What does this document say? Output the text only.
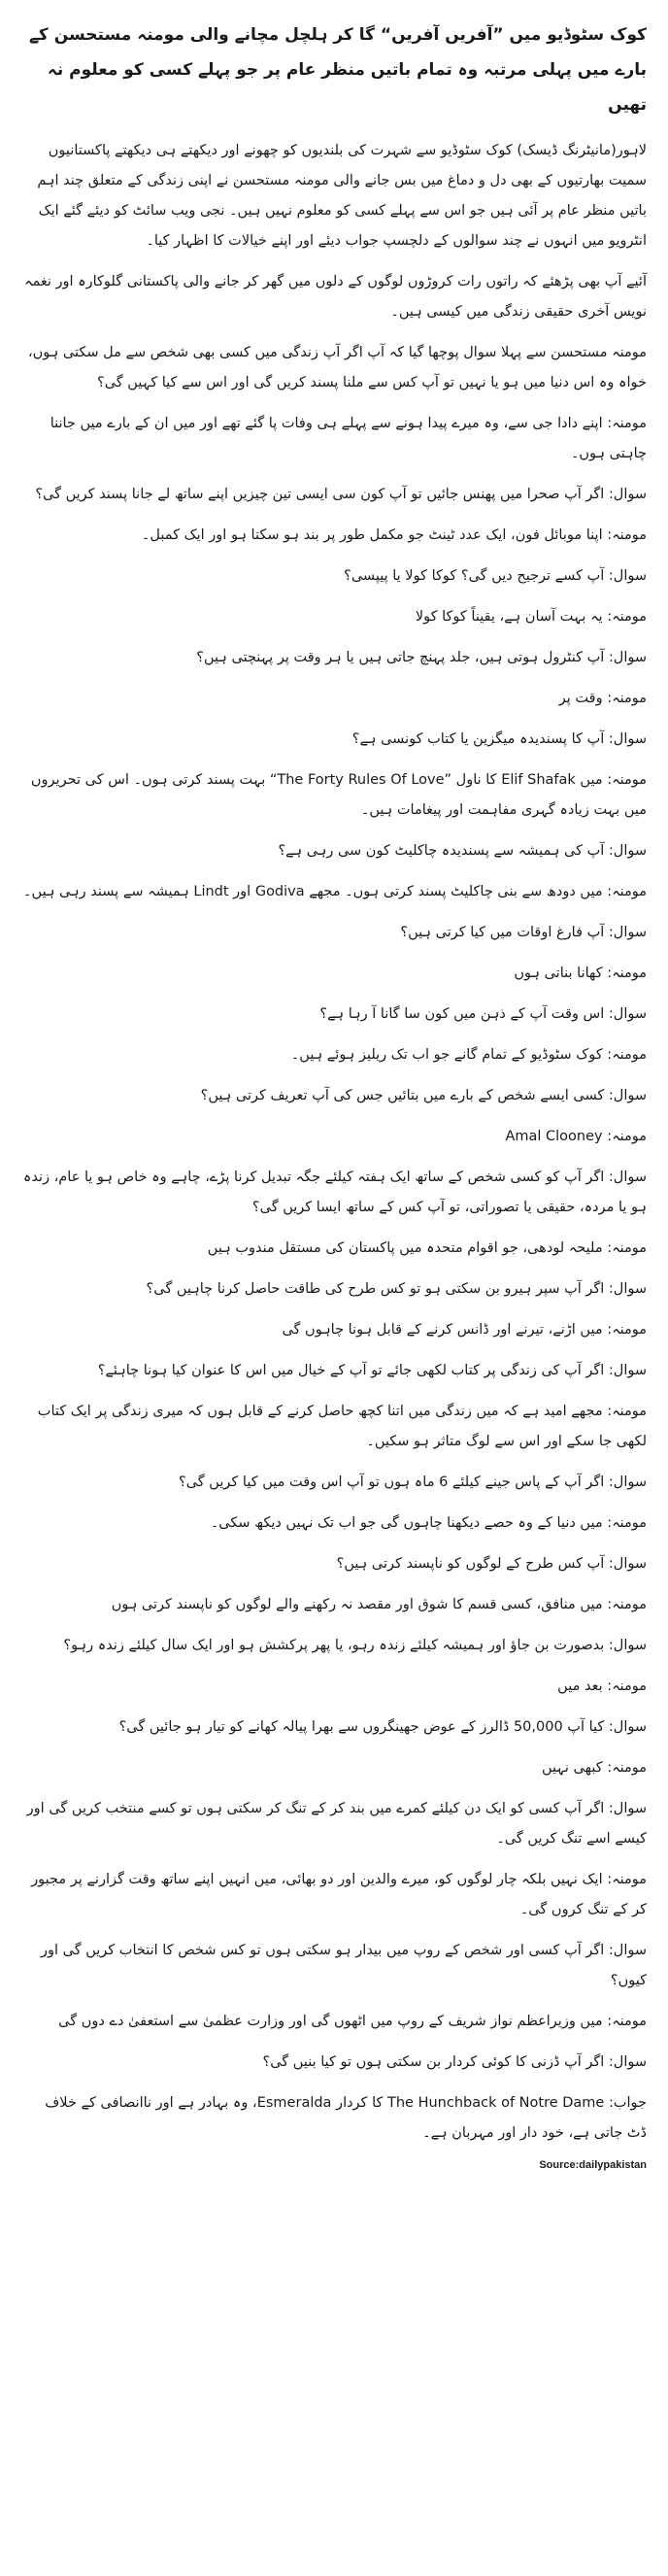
کوک سٹوڈیو میں ”آفریں آفریں“ گا کر ہلچل مچانے والی مومنہ مستحسن کے بارے میں پہلی مرتبہ وہ تمام باتیں منظر عام پر جو پہلے کسی کو معلوم نہ تھیں

لاہور(مانیٹرنگ ڈیسک) کوک سٹوڈیو سے شہرت کی بلندیوں کو چھونے اور دیکھتے ہی دیکھتے پاکستانیوں سمیت بھارتیوں کے بھی دل و دماغ میں بس جانے والی مومنہ مستحسن نے اپنی زندگی کے متعلق چند اہم باتیں منظر عام پر آئی ہیں جو اس سے پہلے کسی کو معلوم نہیں ہیں۔ نجی ویب سائٹ کو دیئے گئے ایک انٹرویو میں انہوں نے چند سوالوں کے دلچسپ جواب دیئے اور اپنے خیالات کا اظہار کیا۔

آئیے آپ بھی پڑھئے کہ راتوں رات کروڑوں لوگوں کے دلوں میں گھر کر جانے والی پاکستانی گلوکارہ اور نغمہ نویس آخری حقیقی زندگی میں کیسی ہیں۔

مومنہ مستحسن سے پہلا سوال پوچھا گیا کہ آپ اگر آپ زندگی میں کسی بھی شخص سے مل سکتی ہوں، خواہ وہ اس دنیا میں ہو یا نہیں تو آپ کس سے ملنا پسند کریں گی اور اس سے کیا کہیں گی؟

مومنہ: اپنے دادا جی سے، وہ میرے پیدا ہونے سے پہلے ہی وفات پا گئے تھے اور میں ان کے بارے میں جاننا چاہتی ہوں۔

سوال: اگر آپ صحرا میں پھنس جائیں تو آپ کون سی ایسی تین چیزیں اپنے ساتھ لے جانا پسند کریں گی؟

مومنہ: اپنا موبائل فون، ایک عدد ٹینٹ جو مکمل طور پر بند ہو سکتا ہو اور ایک کمبل۔

سوال: آپ کسے ترجیح دیں گی؟ کوکا کولا یا پیپسی؟

مومنہ: یہ بہت آسان ہے، یقیناً کوکا کولا

سوال: آپ کنٹرول ہوتی ہیں، جلد پہنچ جاتی ہیں یا ہر وقت پر پہنچتی ہیں؟

مومنہ: وقت پر

سوال: آپ کا پسندیدہ میگزین یا کتاب کونسی ہے؟

مومنہ: میں Elif Shafak کا ناول ”The Forty Rules Of Love“ بہت پسند کرتی ہوں۔ اس کی تحریروں میں بہت زیادہ گہری مفاہمت اور پیغامات ہیں۔

سوال: آپ کی ہمیشہ سے پسندیدہ چاکلیٹ کون سی رہی ہے؟

مومنہ: میں دودھ سے بنی چاکلیٹ پسند کرتی ہوں۔ مجھے Godiva اور Lindt ہمیشہ سے پسند رہی ہیں۔

سوال: آپ فارغ اوقات میں کیا کرتی ہیں؟

مومنہ: کھانا بناتی ہوں

سوال: اس وقت آپ کے ذہن میں کون سا گانا آ رہا ہے؟

مومنہ: کوک سٹوڈیو کے تمام گانے جو اب تک ریلیز ہوئے ہیں۔

سوال: کسی ایسے شخص کے بارے میں بتائیں جس کی آپ تعریف کرتی ہیں؟

مومنہ: Amal Clooney

سوال: اگر آپ کو کسی شخص کے ساتھ ایک ہفتہ کیلئے جگہ تبدیل کرنا پڑے، چاہے وہ خاص ہو یا عام، زندہ ہو یا مردہ، حقیقی یا تصوراتی، تو آپ کس کے ساتھ ایسا کریں گی؟

مومنہ: ملیحہ لودھی، جو اقوام متحدہ میں پاکستان کی مستقل مندوب ہیں

سوال: اگر آپ سپر ہیرو بن سکتی ہو تو کس طرح کی طاقت حاصل کرنا چاہیں گی؟

مومنہ: میں اڑنے، تیرنے اور ڈانس کرنے کے قابل ہونا چاہوں گی

سوال: اگر آپ کی زندگی پر کتاب لکھی جائے تو آپ کے خیال میں اس کا عنوان کیا ہونا چاہئے؟

مومنہ: مجھے امید ہے کہ میں زندگی میں اتنا کچھ حاصل کرنے کے قابل ہوں کہ میری زندگی پر ایک کتاب لکھی جا سکے اور اس سے لوگ متاثر ہو سکیں۔

سوال: اگر آپ کے پاس جینے کیلئے 6 ماہ ہوں تو آپ اس وقت میں کیا کریں گی؟

مومنہ: میں دنیا کے وہ حصے دیکھنا چاہوں گی جو اب تک نہیں دیکھ سکی۔

سوال: آپ کس طرح کے لوگوں کو ناپسند کرتی ہیں؟

مومنہ: میں منافق، کسی قسم کا شوق اور مقصد نہ رکھنے والے لوگوں کو ناپسند کرتی ہوں

سوال: بدصورت بن جاؤ اور ہمیشہ کیلئے زندہ رہو، یا پھر پرکشش ہو اور ایک سال کیلئے زندہ رہو؟

مومنہ: بعد میں

سوال: کیا آپ 50,000 ڈالرز کے عوض جھینگروں سے بھرا پیالہ کھانے کو تیار ہو جائیں گی؟

مومنہ: کبھی نہیں

سوال: اگر آپ کسی کو ایک دن کیلئے کمرے میں بند کر کے تنگ کر سکتی ہوں تو کسے منتخب کریں گی اور کیسے اسے تنگ کریں گی۔

مومنہ: ایک نہیں بلکہ چار لوگوں کو، میرے والدین اور دو بھائی، میں انہیں اپنے ساتھ وقت گزارنے پر مجبور کر کے تنگ کروں گی۔

سوال: اگر آپ کسی اور شخص کے روپ میں بیدار ہو سکتی ہوں تو کس شخص کا انتخاب کریں گی اور کیوں؟

مومنہ: میں وزیراعظم نواز شریف کے روپ میں اٹھوں گی اور وزارت عظمیٰ سے استعفیٰ دے دوں گی

سوال: اگر آپ ڈزنی کا کوئی کردار بن سکتی ہوں تو کیا بنیں گی؟

جواب: The Hunchback of Notre Dame کا کردار Esmeralda، وہ بہادر ہے اور ناانصافی کے خلاف ڈٹ جاتی ہے، خود دار اور مہربان ہے۔

Source:dailypakistan
